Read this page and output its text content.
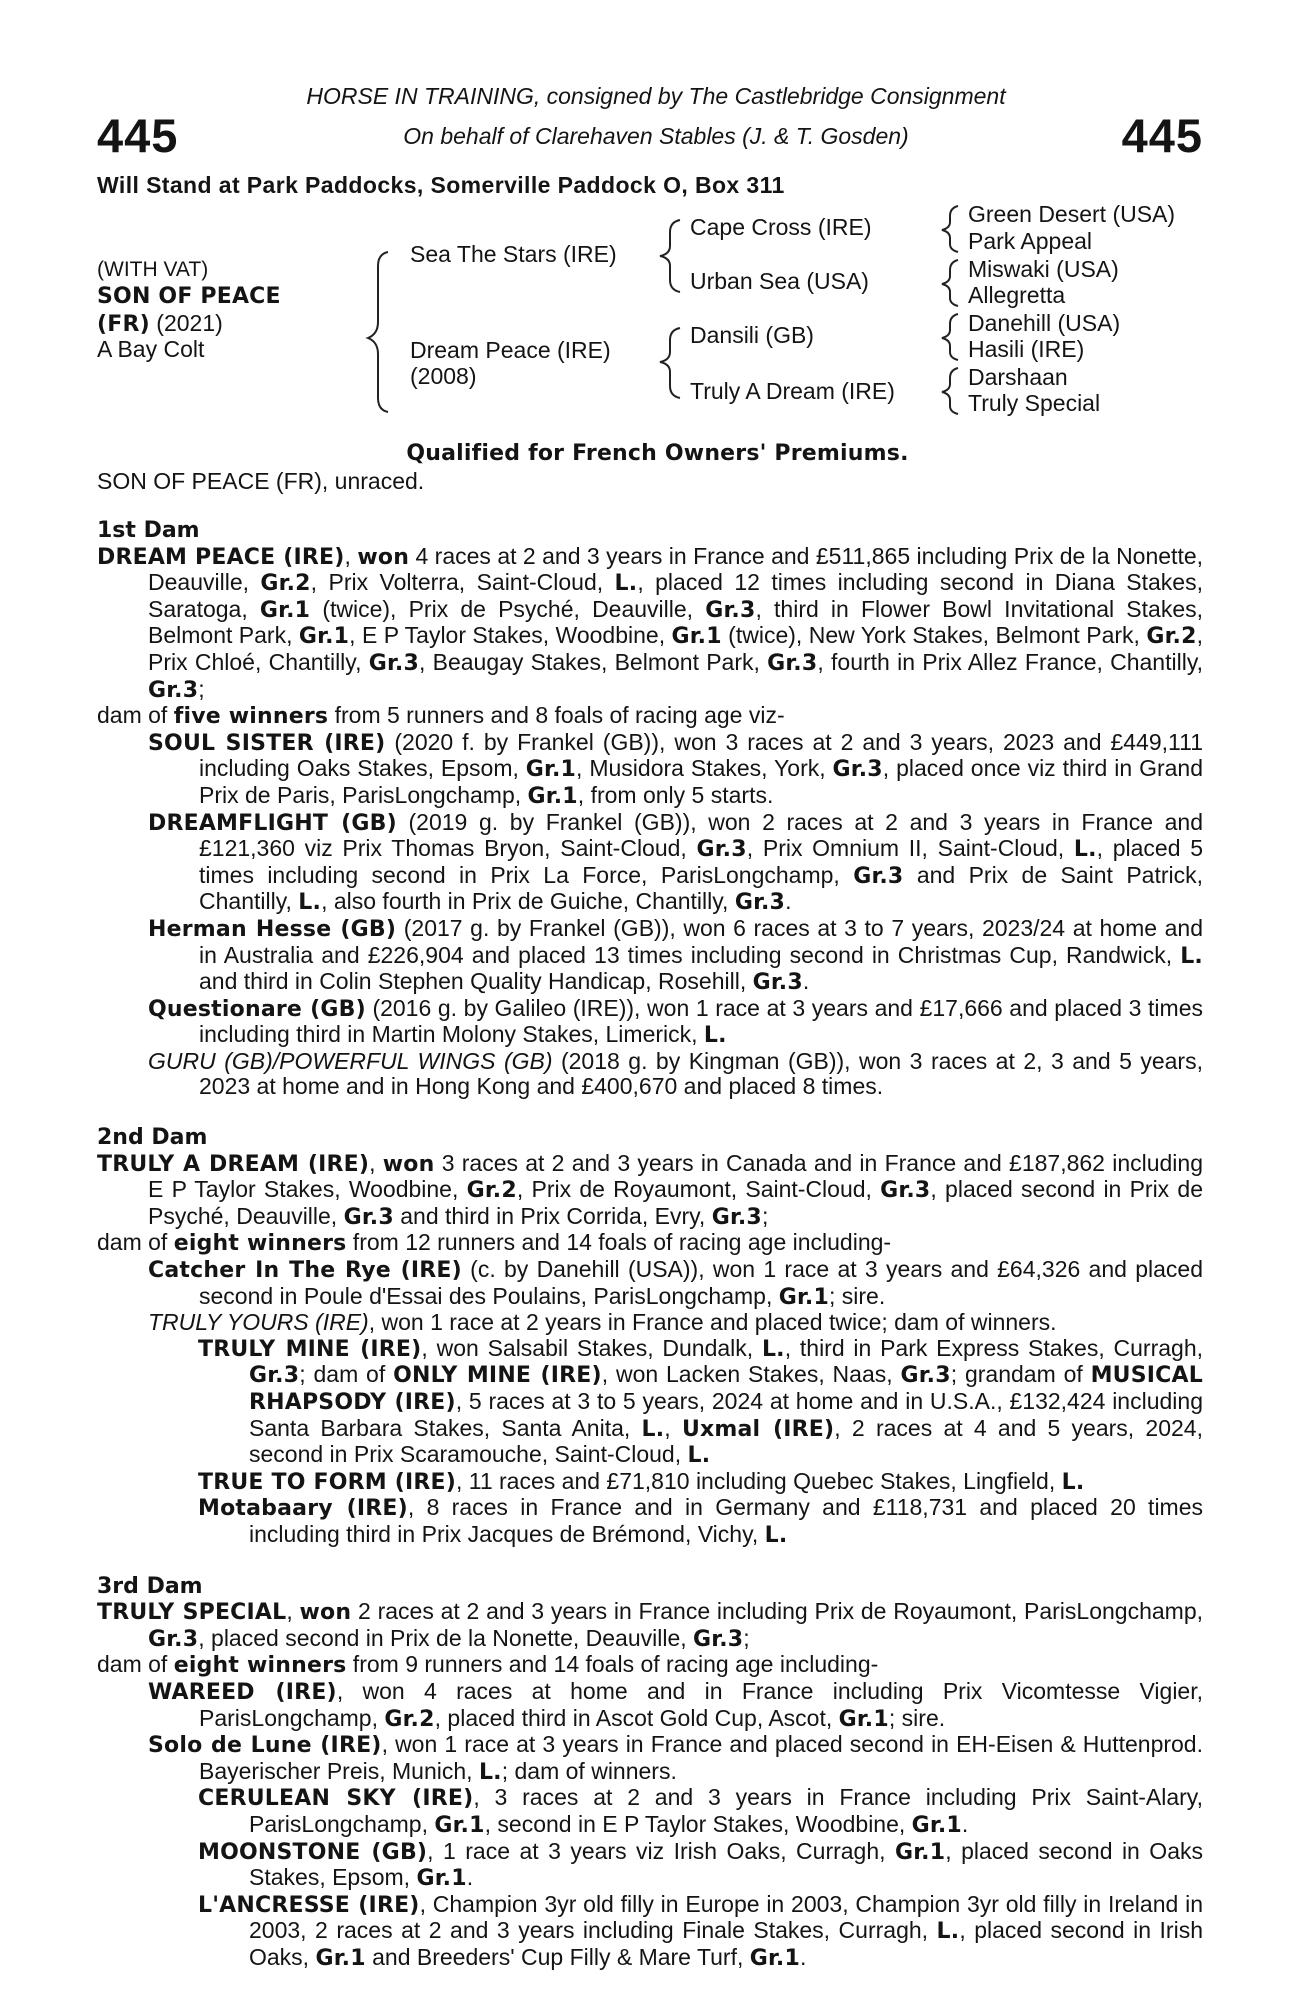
445	445
HORSE IN TRAINING, consigned by The Castlebridge Consignment
On behalf of Clarehaven Stables (J. & T. Gosden)
Will Stand at Park Paddocks, Somerville Paddock O, Box 311
(WITH VAT)
SON OF PEACE
(FR) (2021)
A Bay Colt
Sea The Stars (IRE)
Dream Peace (IRE)
(2008)
Cape Cross (IRE)
Urban Sea (USA)
Dansili (GB)
Truly A Dream (IRE)
Green Desert (USA)
Park Appeal
Miswaki (USA)
Allegretta
Danehill (USA)
Hasili (IRE)
Darshaan
Truly Special
Qualified for French Owners' Premiums.
SON OF PEACE (FR), unraced.
1st Dam

DREAM PEACE (IRE), won 4 races at 2 and 3 years in France and £511,865 including Prix de la Nonette, Deauville, Gr.2, Prix Volterra, Saint-Cloud, L., placed 12 times including second in Diana Stakes, Saratoga, Gr.1 (twice), Prix de Psyché, Deauville, Gr.3, third in Flower Bowl Invitational Stakes, Belmont Park, Gr.1, E P Taylor Stakes, Woodbine, Gr.1 (twice), New York Stakes, Belmont Park, Gr.2, Prix Chloé, Chantilly, Gr.3, Beaugay Stakes, Belmont Park, Gr.3, fourth in Prix Allez France, Chantilly, Gr.3;

dam of five winners from 5 runners and 8 foals of racing age viz-

SOUL SISTER (IRE) (2020 f. by Frankel (GB)), won 3 races at 2 and 3 years, 2023 and £449,111 including Oaks Stakes, Epsom, Gr.1, Musidora Stakes, York, Gr.3, placed once viz third in Grand Prix de Paris, ParisLongchamp, Gr.1, from only 5 starts.

DREAMFLIGHT (GB) (2019 g. by Frankel (GB)), won 2 races at 2 and 3 years in France and £121,360 viz Prix Thomas Bryon, Saint-Cloud, Gr.3, Prix Omnium II, Saint-Cloud, L., placed 5 times including second in Prix La Force, ParisLongchamp, Gr.3 and Prix de Saint Patrick, Chantilly, L., also fourth in Prix de Guiche, Chantilly, Gr.3.

Herman Hesse (GB) (2017 g. by Frankel (GB)), won 6 races at 3 to 7 years, 2023/24 at home and in Australia and £226,904 and placed 13 times including second in Christmas Cup, Randwick, L. and third in Colin Stephen Quality Handicap, Rosehill, Gr.3.

Questionare (GB) (2016 g. by Galileo (IRE)), won 1 race at 3 years and £17,666 and placed 3 times including third in Martin Molony Stakes, Limerick, L.

GURU (GB)/POWERFUL WINGS (GB) (2018 g. by Kingman (GB)), won 3 races at 2, 3 and 5 years, 2023 at home and in Hong Kong and £400,670 and placed 8 times.

2nd Dam

TRULY A DREAM (IRE), won 3 races at 2 and 3 years in Canada and in France and £187,862 including E P Taylor Stakes, Woodbine, Gr.2, Prix de Royaumont, Saint-Cloud, Gr.3, placed second in Prix de Psyché, Deauville, Gr.3 and third in Prix Corrida, Evry, Gr.3;

dam of eight winners from 12 runners and 14 foals of racing age including-

Catcher In The Rye (IRE) (c. by Danehill (USA)), won 1 race at 3 years and £64,326 and placed second in Poule d'Essai des Poulains, ParisLongchamp, Gr.1; sire.

TRULY YOURS (IRE), won 1 race at 2 years in France and placed twice; dam of winners.

TRULY MINE (IRE), won Salsabil Stakes, Dundalk, L., third in Park Express Stakes, Curragh, Gr.3; dam of ONLY MINE (IRE), won Lacken Stakes, Naas, Gr.3; grandam of MUSICAL RHAPSODY (IRE), 5 races at 3 to 5 years, 2024 at home and in U.S.A., £132,424 including Santa Barbara Stakes, Santa Anita, L., Uxmal (IRE), 2 races at 4 and 5 years, 2024, second in Prix Scaramouche, Saint-Cloud, L.

TRUE TO FORM (IRE), 11 races and £71,810 including Quebec Stakes, Lingfield, L.

Motabaary (IRE), 8 races in France and in Germany and £118,731 and placed 20 times including third in Prix Jacques de Brémond, Vichy, L.

3rd Dam

TRULY SPECIAL, won 2 races at 2 and 3 years in France including Prix de Royaumont, ParisLongchamp, Gr.3, placed second in Prix de la Nonette, Deauville, Gr.3;

dam of eight winners from 9 runners and 14 foals of racing age including-

WAREED (IRE), won 4 races at home and in France including Prix Vicomtesse Vigier, ParisLongchamp, Gr.2, placed third in Ascot Gold Cup, Ascot, Gr.1; sire.

Solo de Lune (IRE), won 1 race at 3 years in France and placed second in EH-Eisen & Huttenprod. Bayerischer Preis, Munich, L.; dam of winners.

CERULEAN SKY (IRE), 3 races at 2 and 3 years in France including Prix Saint-Alary, ParisLongchamp, Gr.1, second in E P Taylor Stakes, Woodbine, Gr.1.

MOONSTONE (GB), 1 race at 3 years viz Irish Oaks, Curragh, Gr.1, placed second in Oaks Stakes, Epsom, Gr.1.

L'ANCRESSE (IRE), Champion 3yr old filly in Europe in 2003, Champion 3yr old filly in Ireland in 2003, 2 races at 2 and 3 years including Finale Stakes, Curragh, L., placed second in Irish Oaks, Gr.1 and Breeders' Cup Filly & Mare Turf, Gr.1.
